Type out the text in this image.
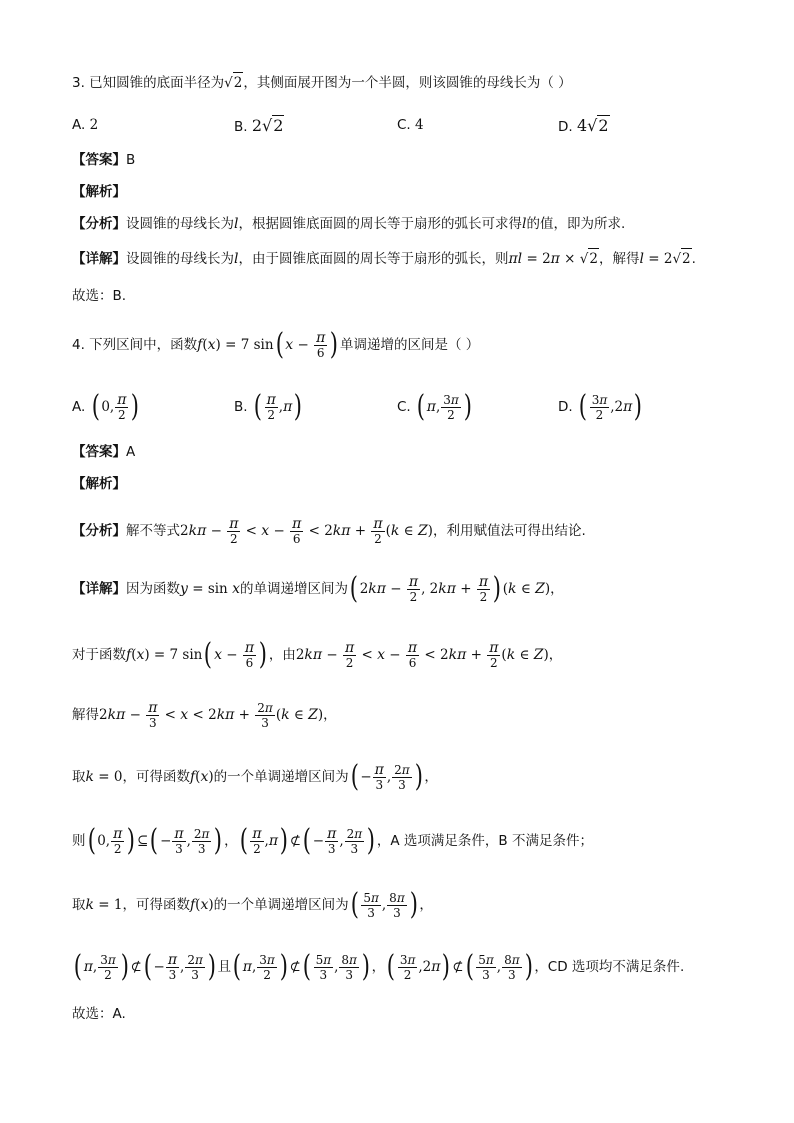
3. 已知圆锥的底面半径为√2，其侧面展开图为一个半圆，则该圆锥的母线长为（ ）
A. 2	B. 2√2	C. 4	D. 4√2
【答案】B
【解析】
【分析】设圆锥的母线长为l，根据圆锥底面圆的周长等于扇形的弧长可求得l的值，即为所求.
【详解】设圆锥的母线长为l，由于圆锥底面圆的周长等于扇形的弧长，则πl = 2π × √2，解得l = 2√2.
故选：B.
4. 下列区间中，函数f(x) = 7 sin( $x - \frac{\pi}{6}$ ) 单调递增的区间是（ ）
A. ( 0, $\frac{\pi}{2}$ )	B. ( $\frac{\pi}{2} ,\pi$)	C. ( π, $\frac{3\pi}{2}$ )	D. ( $\frac{3\pi}{2} ,2\pi$)
【答案】A
【解析】
【分析】解不等式$2k\pi - \frac{\pi}{2} < x - \frac{\pi}{6} < 2k\pi + \frac{\pi}{2} (k$ ∈ Z)，利用赋值法可得出结论.
【详解】因为函数y = sin x的单调递增区间为( $2k\pi - \frac{\pi}{2}$ , $2k\pi + \frac{\pi}{2}$ ) (k ∈ Z)，
对于函数f(x) = 7 sin( $x - \frac{\pi}{6}$ ) ，由$2k\pi - \frac{\pi}{2} < x - \frac{\pi}{6} < 2k\pi + \frac{\pi}{2} (k$ ∈ Z)，
解得$2k\pi - \frac{\pi}{3} < x < 2k\pi + \frac{2\pi}{3} (k$ ∈ Z)，
取k = 0，可得函数f(x)的一个单调递增区间为( − $\frac{\pi}{3}$ , $\frac{2\pi}{3}$ ) ，
则( 0, $\frac{\pi}{2}$ ) ⊆( − $\frac{\pi}{3}$ , $\frac{2\pi}{3}$ ) ，( $\frac{\pi}{2} ,\pi$) ⊄( − $\frac{\pi}{3}$ , $\frac{2\pi}{3}$ ) ，A 选项满足条件，B 不满足条件；
取k = 1，可得函数f(x)的一个单调递增区间为( $\frac{5\pi}{3}$ , $\frac{8\pi}{3}$ ) ，
( π, $\frac{3\pi}{2}$ ) ⊄( − $\frac{\pi}{3}$ , $\frac{2\pi}{3}$ ) 且( π, $\frac{3\pi}{2}$ ) ⊄( $\frac{5\pi}{3}$ , $\frac{8\pi}{3}$ ) ，( $\frac{3\pi}{2} ,2\pi$) ⊄( $\frac{5\pi}{3}$ , $\frac{8\pi}{3}$ ) ，CD 选项均不满足条件.
故选：A.
